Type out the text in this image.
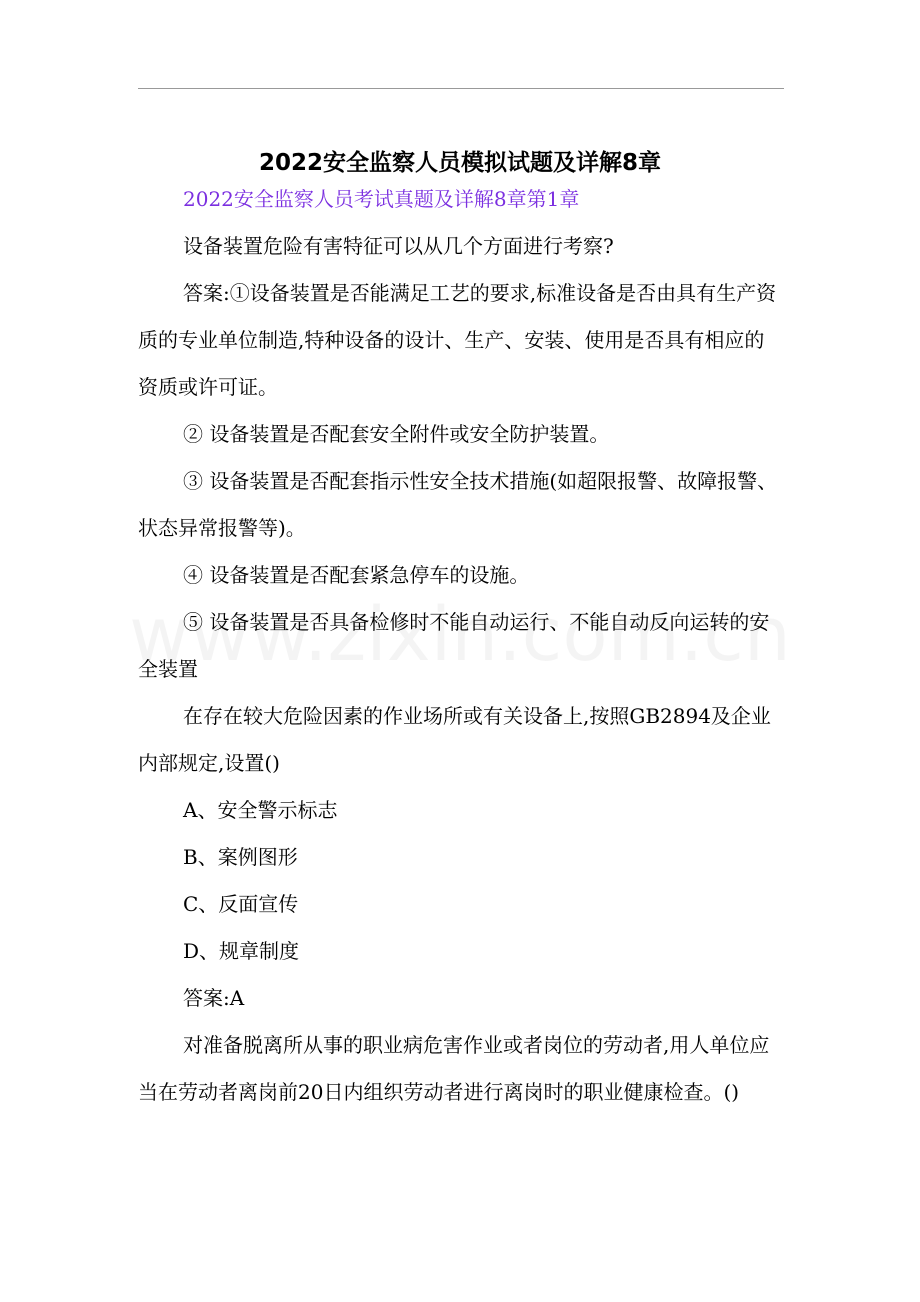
2022安全监察人员模拟试题及详解8章

2022安全监察人员考试真题及详解8章第1章

设备装置危险有害特征可以从几个方面进行考察?

答案:①设备装置是否能满足工艺的要求,标准设备是否由具有生产资质的专业单位制造,特种设备的设计、生产、安装、使用是否具有相应的资质或许可证。

② 设备装置是否配套安全附件或安全防护装置。

③ 设备装置是否配套指示性安全技术措施(如超限报警、故障报警、状态异常报警等)。

④ 设备装置是否配套紧急停车的设施。

⑤ 设备装置是否具备检修时不能自动运行、不能自动反向运转的安全装置

在存在较大危险因素的作业场所或有关设备上,按照GB2894及企业内部规定,设置()

A、安全警示标志

B、案例图形

C、反面宣传

D、规章制度

答案:A

对准备脱离所从事的职业病危害作业或者岗位的劳动者,用人单位应当在劳动者离岗前20日内组织劳动者进行离岗时的职业健康检查。()
